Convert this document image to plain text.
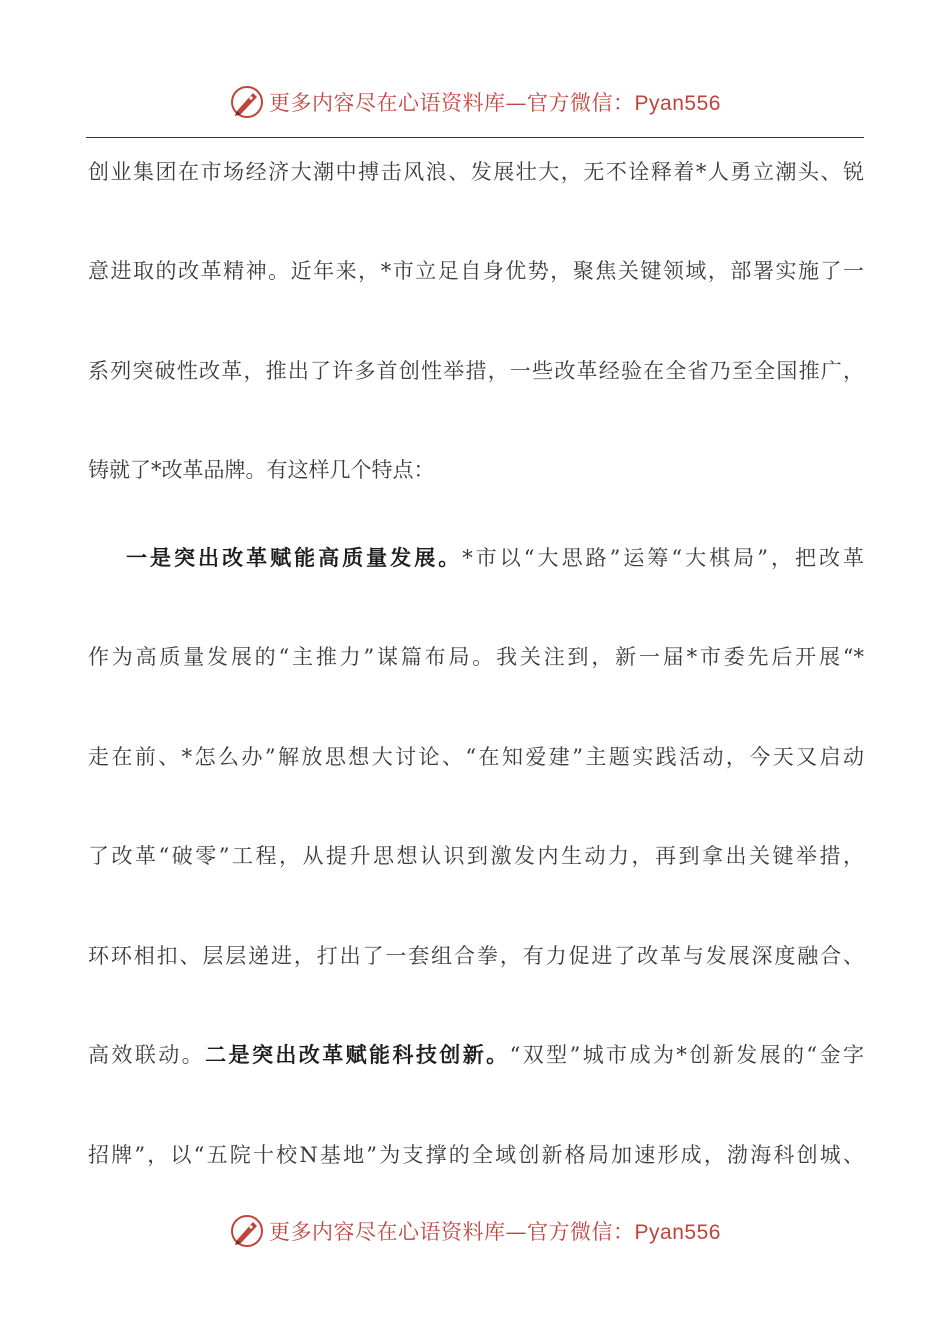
更多内容尽在心语资料库—官方微信：Pyan556
创业集团在市场经济大潮中搏击风浪、发展壮大，无不诠释着*人勇立潮头、锐
意进取的改革精神。近年来，*市立足自身优势，聚焦关键领域，部署实施了一
系列突破性改革，推出了许多首创性举措，一些改革经验在全省乃至全国推广，
铸就了*改革品牌。有这样几个特点：
一是突出改革赋能高质量发展。*市以“大思路”运筹“大棋局”，把改革
作为高质量发展的“主推力”谋篇布局。我关注到，新一届*市委先后开展“*
走在前、*怎么办”解放思想大讨论、“在知爱建”主题实践活动，今天又启动
了改革“破零”工程，从提升思想认识到激发内生动力，再到拿出关键举措，
环环相扣、层层递进，打出了一套组合拳，有力促进了改革与发展深度融合、
高效联动。二是突出改革赋能科技创新。“双型”城市成为*创新发展的“金字
招牌”，以“五院十校N基地”为支撑的全域创新格局加速形成，渤海科创城、
更多内容尽在心语资料库—官方微信：Pyan556
